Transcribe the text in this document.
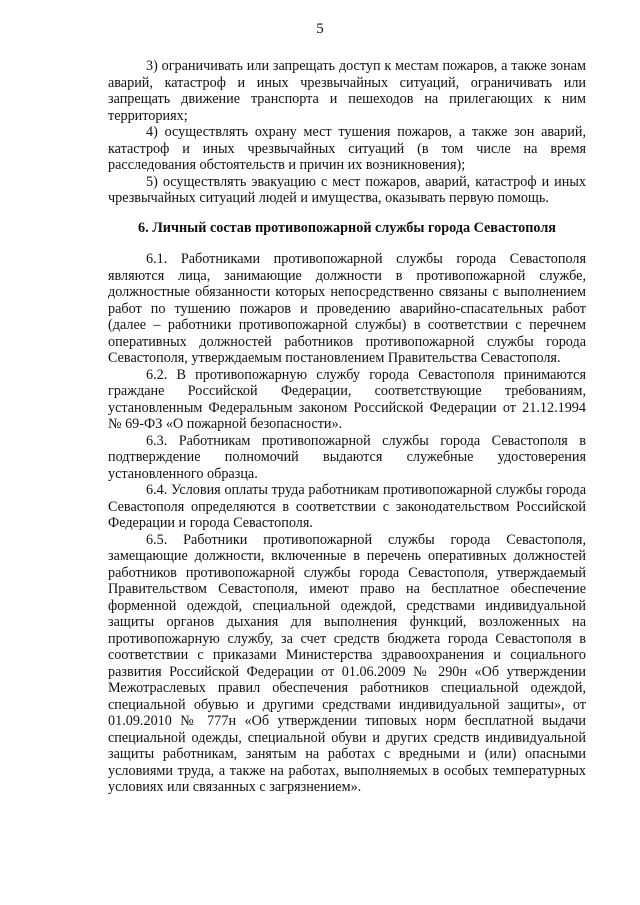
5

3) ограничивать или запрещать доступ к местам пожаров, а также зонам аварий, катастроф и иных чрезвычайных ситуаций, ограничивать или запрещать движение транспорта и пешеходов на прилегающих к ним территориях;

4) осуществлять охрану мест тушения пожаров, а также зон аварий, катастроф и иных чрезвычайных ситуаций (в том числе на время расследования обстоятельств и причин их возникновения);

5) осуществлять эвакуацию с мест пожаров, аварий, катастроф и иных чрезвычайных ситуаций людей и имущества, оказывать первую помощь.

6. Личный состав противопожарной службы города Севастополя

6.1. Работниками противопожарной службы города Севастополя являются лица, занимающие должности в противопожарной службе, должностные обязанности которых непосредственно связаны с выполнением работ по тушению пожаров и проведению аварийно-спасательных работ (далее – работники противопожарной службы) в соответствии с перечнем оперативных должностей работников противопожарной службы города Севастополя, утверждаемым постановлением Правительства Севастополя.

6.2. В противопожарную службу города Севастополя принимаются граждане Российской Федерации, соответствующие требованиям, установленным Федеральным законом Российской Федерации от 21.12.1994 № 69-ФЗ «О пожарной безопасности».

6.3. Работникам противопожарной службы города Севастополя в подтверждение полномочий выдаются служебные удостоверения установленного образца.

6.4. Условия оплаты труда работникам противопожарной службы города Севастополя определяются в соответствии с законодательством Российской Федерации и города Севастополя.

6.5. Работники противопожарной службы города Севастополя, замещающие должности, включенные в перечень оперативных должностей работников противопожарной службы города Севастополя, утверждаемый Правительством Севастополя, имеют право на бесплатное обеспечение форменной одеждой, специальной одеждой, средствами индивидуальной защиты органов дыхания для выполнения функций, возложенных на противопожарную службу, за счет средств бюджета города Севастополя в соответствии с приказами Министерства здравоохранения и социального развития Российской Федерации от 01.06.2009 № 290н «Об утверждении Межотраслевых правил обеспечения работников специальной одеждой, специальной обувью и другими средствами индивидуальной защиты», от 01.09.2010 № 777н «Об утверждении типовых норм бесплатной выдачи специальной одежды, специальной обуви и других средств индивидуальной защиты работникам, занятым на работах с вредными и (или) опасными условиями труда, а также на работах, выполняемых в особых температурных условиях или связанных с загрязнением».
